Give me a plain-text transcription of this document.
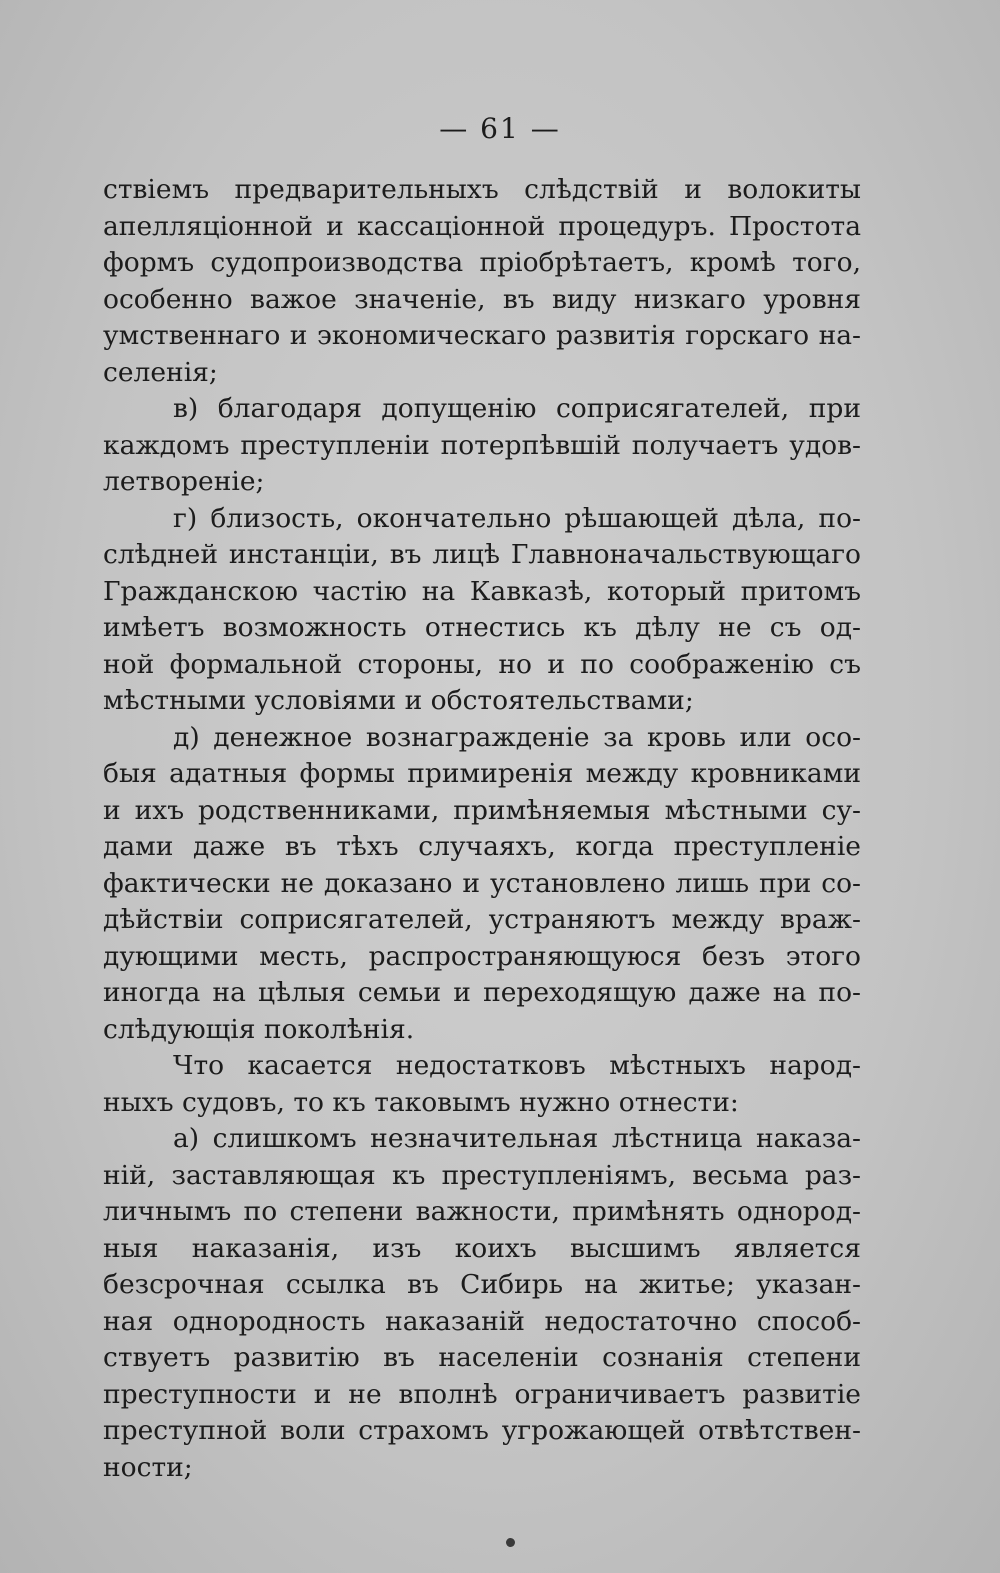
— 61 —
ствіемъ предварительныхъ слѣдствій и волокиты
апелляціонной и кассаціонной процедуръ. Простота
формъ судопроизводства пріобрѣтаетъ, кромѣ того,
особенно важое значеніе, въ виду низкаго уровня
умственнаго и экономическаго развитія горскаго на-
селенія;
в) благодаря допущенію соприсягателей, при
каждомъ преступленіи потерпѣвшій получаетъ удов-
летвореніе;
г) близость, окончательно рѣшающей дѣла, по-
слѣдней инстанціи, въ лицѣ Главноначальствующаго
Гражданскою частію на Кавказѣ, который притомъ
имѣетъ возможность отнестись къ дѣлу не съ од-
ной формальной стороны, но и по соображенію съ
мѣстными условіями и обстоятельствами;
д) денежное вознагражденіе за кровь или осо-
быя адатныя формы примиренія между кровниками
и ихъ родственниками, примѣняемыя мѣстными су-
дами даже въ тѣхъ случаяхъ, когда преступленіе
фактически не доказано и установлено лишь при со-
дѣйствіи соприсягателей, устраняютъ между враж-
дующими месть, распространяющуюся безъ этого
иногда на цѣлыя семьи и переходящую даже на по-
слѣдующія поколѣнія.
Что касается недостатковъ мѣстныхъ народ-
ныхъ судовъ, то къ таковымъ нужно отнести:
а) слишкомъ незначительная лѣстница наказа-
ній, заставляющая къ преступленіямъ, весьма раз-
личнымъ по степени важности, примѣнять однород-
ныя наказанія, изъ коихъ высшимъ является
безсрочная ссылка въ Сибирь на житье; указан-
ная однородность наказаній недостаточно способ-
ствуетъ развитію въ населеніи сознанія степени
преступности и не вполнѣ ограничиваетъ развитіе
преступной воли страхомъ угрожающей отвѣтствен-
ности;
